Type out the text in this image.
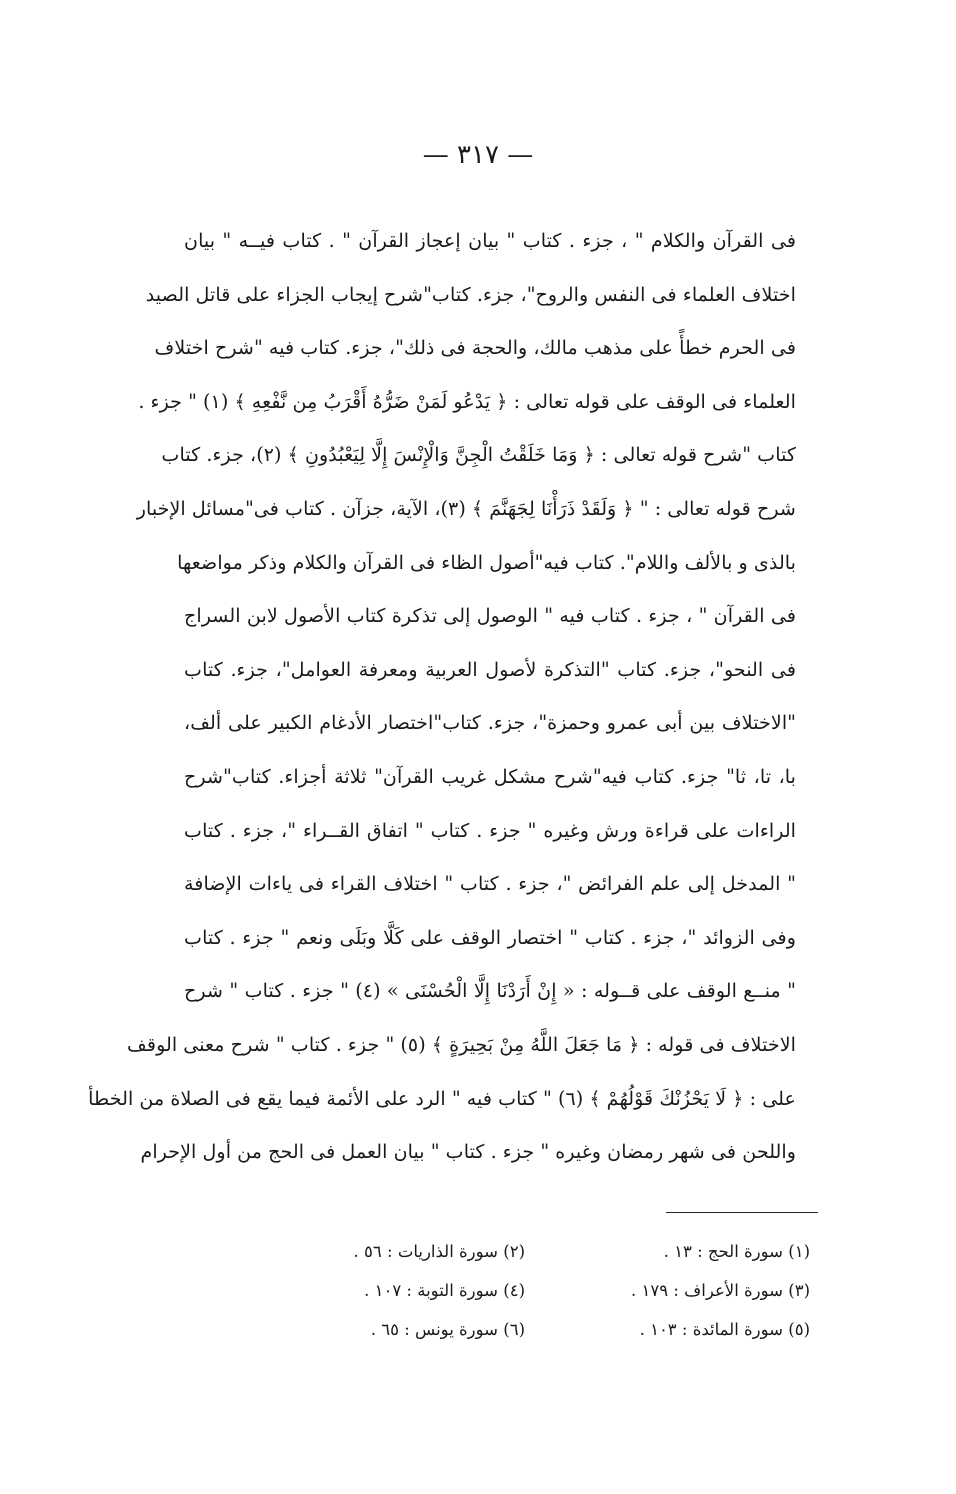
— ٣١٧ —
فى القرآن والكلام " ، جزء . كتاب " بيان إعجاز القرآن " . كتاب فيــه " بيان
اختلاف العلماء فى النفس والروح"، جزء. كتاب"شرح إيجاب الجزاء على قاتل الصيد
فى الحرم خطأً على مذهب مالك، والحجة فى ذلك"، جزء. كتاب فيه "شرح اختلاف
العلماء فى الوقف على قوله تعالى : ﴿ يَدْعُو لَمَنْ ضَرُّهُ أَقْرَبُ مِن نَّفْعِهِ ﴾ (١) " جزء .
كتاب "شرح قوله تعالى : ﴿ وَمَا خَلَقْتُ الْجِنَّ وَالْإِنْسَ إِلَّا لِيَعْبُدُونِ ﴾ (٢)، جزء. كتاب
شرح قوله تعالى : " ﴿ وَلَقَدْ ذَرَأْنَا لِجَهَنَّمَ ﴾ (٣)، الآية، جزآن . كتاب فى"مسائل الإخبار
بالذى و بالألف واللام". كتاب فيه"أصول الظاء فى القرآن والكلام وذكر مواضعها
فى القرآن " ، جزء . كتاب فيه " الوصول إلى تذكرة كتاب الأصول لابن السراج
فى النحو"، جزء. كتاب "التذكرة لأصول العربية ومعرفة العوامل"، جزء. كتاب
"الاختلاف بين أبى عمرو وحمزة"، جزء. كتاب"اختصار الأدغام الكبير على ألف،
با، تا، ثا" جزء. كتاب فيه"شرح مشكل غريب القرآن" ثلاثة أجزاء. كتاب"شرح
الراءات على قراءة ورش وغيره " جزء . كتاب " اتفاق القــراء "، جزء . كتاب
" المدخل إلى علم الفرائض "، جزء . كتاب " اختلاف القراء فى ياءات الإضافة
وفى الزوائد "، جزء . كتاب " اختصار الوقف على كَلَّا وبَلَى ونعم " جزء . كتاب
" منــع الوقف على قــوله : « إِنْ أَرَدْنَا إِلَّا الْحُسْنَى » (٤) " جزء . كتاب " شرح
الاختلاف فى قوله : ﴿ مَا جَعَلَ اللَّهُ مِنْ بَحِيرَةٍ ﴾ (٥) " جزء . كتاب " شرح معنى الوقف
على : ﴿ لَا يَحْزُنْكَ قَوْلُهُمْ ﴾ (٦) " كتاب فيه " الرد على الأئمة فيما يقع فى الصلاة من الخطأ
واللحن فى شهر رمضان وغيره " جزء . كتاب " بيان العمل فى الحج من أول الإحرام
(١) سورة الحج : ١٣ .
(٢) سورة الذاريات : ٥٦ .
(٣) سورة الأعراف : ١٧٩ .
(٤) سورة التوبة : ١٠٧ .
(٥) سورة المائدة : ١٠٣ .
(٦) سورة يونس : ٦٥ .
